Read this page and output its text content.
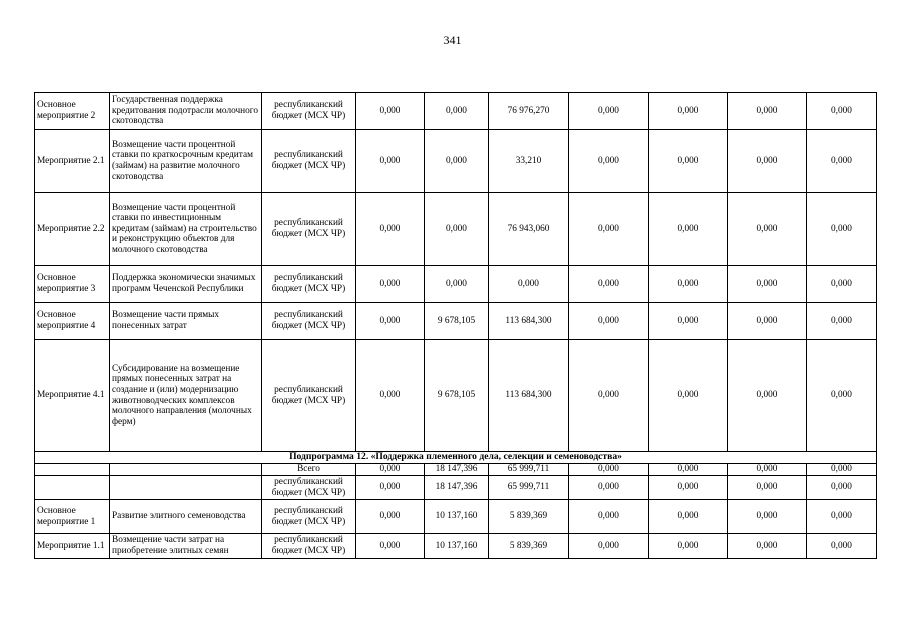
341
Основное мероприятие 2	Государственная поддержка кредитования подотрасли молочного скотоводства	республиканский бюджет (МСХ ЧР)	0,000	0,000	76 976,270	0,000	0,000	0,000	0,000
Мероприятие 2.1	Возмещение части процентной ставки по краткосрочным кредитам (займам) на развитие молочного скотоводства	республиканский бюджет (МСХ ЧР)	0,000	0,000	33,210	0,000	0,000	0,000	0,000
Мероприятие 2.2	Возмещение части процентной ставки по инвестиционным кредитам (займам) на строительство и реконструкцию объектов для молочного скотоводства	республиканский бюджет (МСХ ЧР)	0,000	0,000	76 943,060	0,000	0,000	0,000	0,000
Основное мероприятие 3	Поддержка экономически значимых программ Чеченской Республики	республиканский бюджет (МСХ ЧР)	0,000	0,000	0,000	0,000	0,000	0,000	0,000
Основное мероприятие 4	Возмещение части прямых понесенных затрат	республиканский бюджет (МСХ ЧР)	0,000	9 678,105	113 684,300	0,000	0,000	0,000	0,000
Мероприятие 4.1	Субсидирование на возмещение прямых понесенных затрат на создание и (или) модернизацию животноводческих комплексов молочного направления (молочных ферм)	республиканский бюджет (МСХ ЧР)	0,000	9 678,105	113 684,300	0,000	0,000	0,000	0,000
Подпрограмма 12. «Поддержка племенного дела, селекции и семеноводства»									
		Всего	0,000	18 147,396	65 999,711	0,000	0,000	0,000	0,000
		республиканский бюджет (МСХ ЧР)	0,000	18 147,396	65 999,711	0,000	0,000	0,000	0,000
Основное мероприятие 1	Развитие элитного семеноводства	республиканский бюджет (МСХ ЧР)	0,000	10 137,160	5 839,369	0,000	0,000	0,000	0,000
Мероприятие 1.1	Возмещение части затрат на приобретение элитных семян	республиканский бюджет (МСХ ЧР)	0,000	10 137,160	5 839,369	0,000	0,000	0,000	0,000
